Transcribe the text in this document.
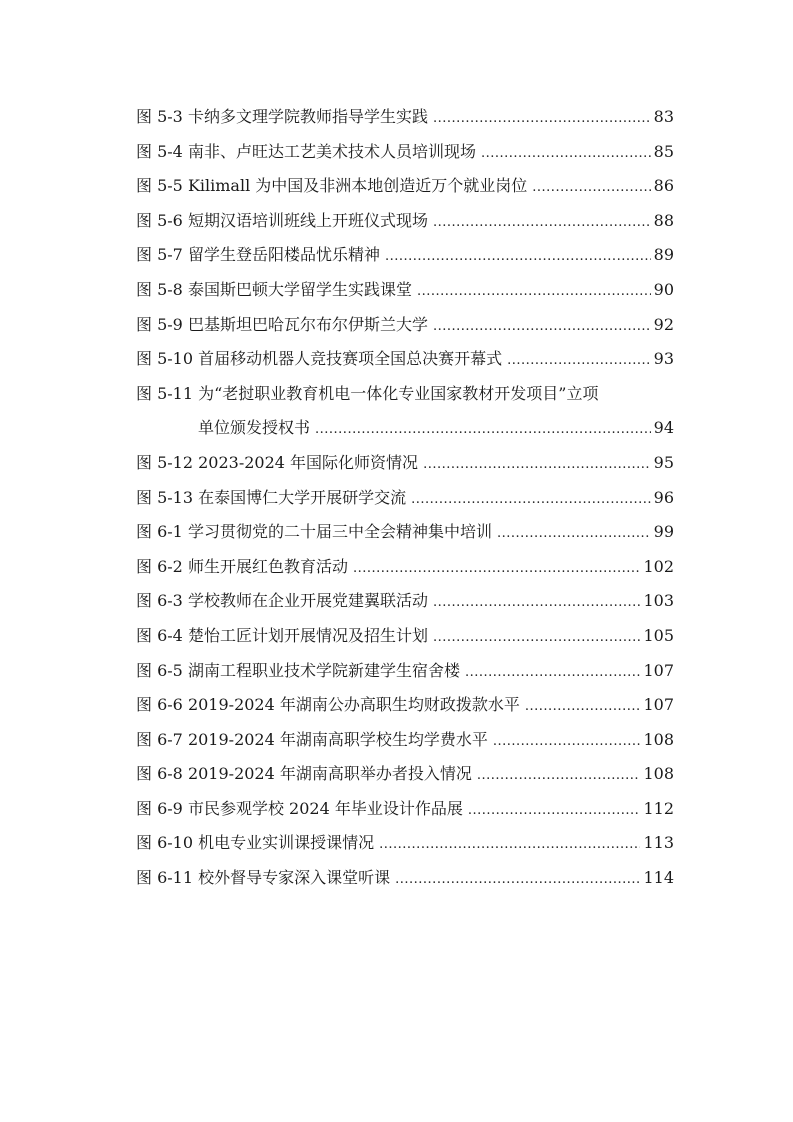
图 5-3 卡纳多文理学院教师指导学生实践 .....	83
图 5-4 南非、卢旺达工艺美术技术人员培训现场 .....	85
图 5-5 Kilimall 为中国及非洲本地创造近万个就业岗位 .....	86
图 5-6 短期汉语培训班线上开班仪式现场 .....	88
图 5-7 留学生登岳阳楼品忧乐精神 .....	89
图 5-8 泰国斯巴顿大学留学生实践课堂 .....	90
图 5-9 巴基斯坦巴哈瓦尔布尔伊斯兰大学 .....	92
图 5-10 首届移动机器人竞技赛项全国总决赛开幕式 .....	93
图 5-11 为“老挝职业教育机电一体化专业国家教材开发项目”立项
单位颁发授权书 .....	94
图 5-12 2023-2024 年国际化师资情况 .....	95
图 5-13 在泰国博仁大学开展研学交流 .....	96
图 6-1 学习贯彻党的二十届三中全会精神集中培训 .....	99
图 6-2 师生开展红色教育活动 .....	102
图 6-3 学校教师在企业开展党建翼联活动 .....	103
图 6-4 楚怡工匠计划开展情况及招生计划 .....	105
图 6-5 湖南工程职业技术学院新建学生宿舍楼 .....	107
图 6-6 2019-2024 年湖南公办高职生均财政拨款水平 .....	107
图 6-7 2019-2024 年湖南高职学校生均学费水平 .....	108
图 6-8 2019-2024 年湖南高职举办者投入情况 .....	108
图 6-9 市民参观学校 2024 年毕业设计作品展 .....	112
图 6-10 机电专业实训课授课情况 .....	113
图 6-11 校外督导专家深入课堂听课 .....	114
